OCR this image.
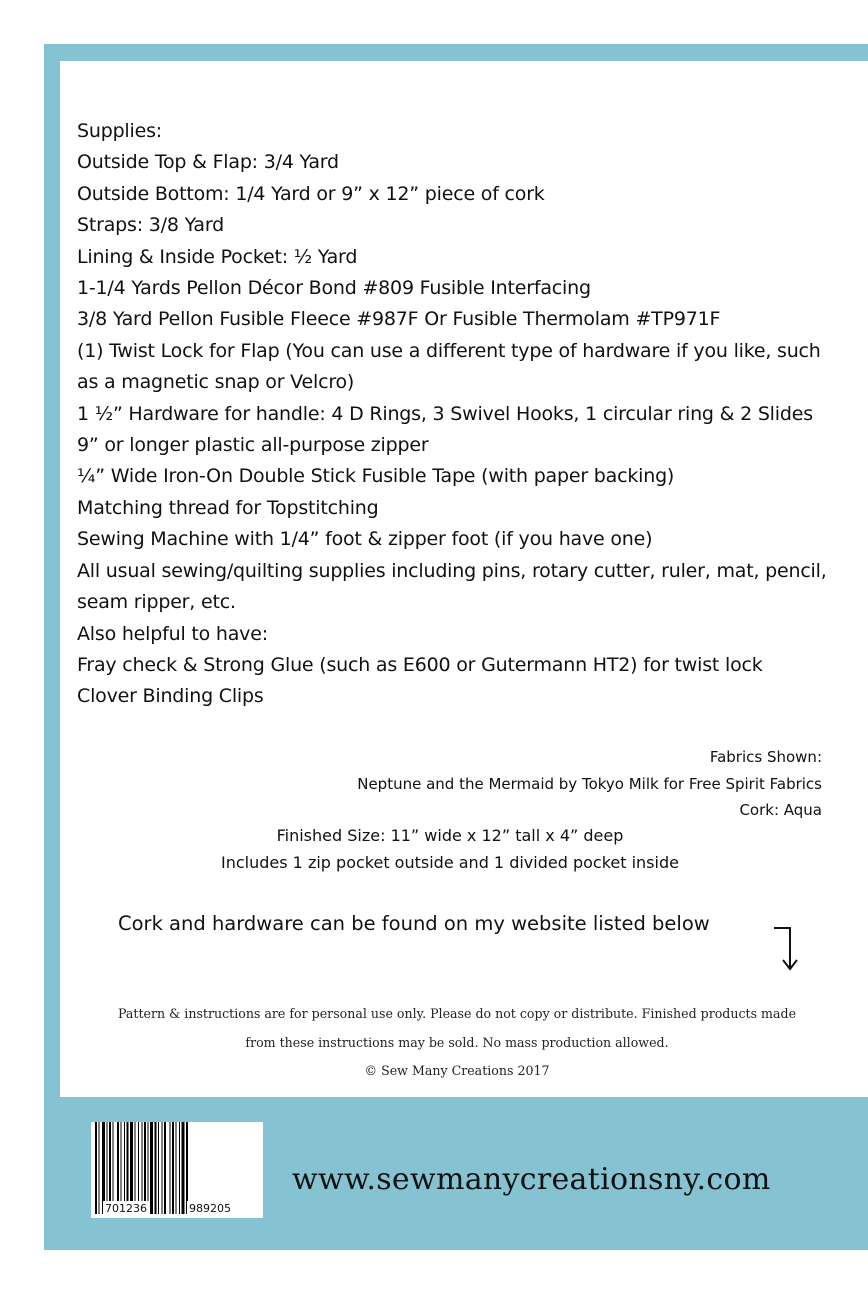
Supplies:
Outside Top & Flap: 3/4 Yard
Outside Bottom: 1/4 Yard or 9” x 12” piece of cork
Straps: 3/8 Yard
Lining & Inside Pocket: ½ Yard
1-1/4 Yards Pellon Décor Bond #809 Fusible Interfacing
3/8 Yard Pellon Fusible Fleece #987F Or Fusible Thermolam #TP971F
(1) Twist Lock for Flap (You can use a different type of hardware if you like, such as a magnetic snap or Velcro)
1 ½” Hardware for handle: 4 D Rings, 3 Swivel Hooks, 1 circular ring & 2 Slides
9” or longer plastic all-purpose zipper
¼” Wide Iron-On Double Stick Fusible Tape (with paper backing)
Matching thread for Topstitching
Sewing Machine with 1/4” foot & zipper foot (if you have one)
All usual sewing/quilting supplies including pins, rotary cutter, ruler, mat, pencil, seam ripper, etc.
Also helpful to have:
Fray check & Strong Glue (such as E600 or Gutermann HT2) for twist lock
Clover Binding Clips
Fabrics Shown:
Neptune and the Mermaid by Tokyo Milk for Free Spirit Fabrics
Cork: Aqua
Finished Size: 11” wide x 12” tall x 4” deep
Includes 1 zip pocket outside and 1 divided pocket inside
Cork and hardware can be found on my website listed below
Pattern & instructions are for personal use only. Please do not copy or distribute. Finished products made
from these instructions may be sold. No mass production allowed.
© Sew Many Creations 2017
701236	989205
www.sewmanycreationsny.com
